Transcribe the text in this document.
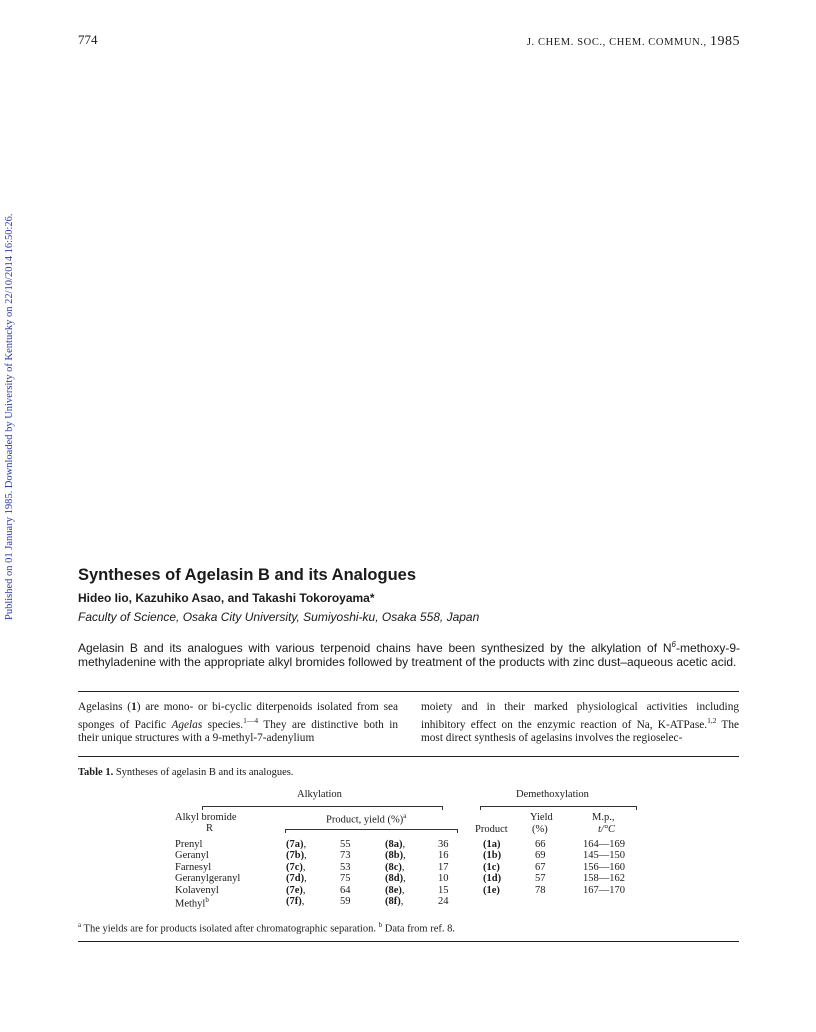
774	J. CHEM. SOC., CHEM. COMMUN., 1985
Published on 01 January 1985. Downloaded by University of Kentucky on 22/10/2014 16:50:26.	Syntheses of Agelasin B and its Analogues
Hideo Iio, Kazuhiko Asao, and Takashi Tokoroyama*
Faculty of Science, Osaka City University, Sumiyoshi-ku, Osaka 558, Japan
Agelasin B and its analogues with various terpenoid chains have been synthesized by the alkylation of $N^6-methoxy-9$-methyladenine with the appropriate alkyl bromides followed by treatment of the products with zinc dust–aqueous acetic acid.
Agelasins (1) are mono- or bi-cyclic diterpenoids isolated from sea sponges of Pacific Agelas species.$^{1—4}$ They are distinctive both in their unique structures with a 9-methyl-7-adenylium
moiety and in their marked physiological activities including inhibitory effect on the enzymic reaction of Na, K-ATPase.$^{1,2}$ The most direct synthesis of agelasins involves the regioselec-
Table 1. Syntheses of agelasin B and its analogues.
Alkylation	Demethoxylation
Alkyl bromide
R
Product, yield (%)$^a$
Product
Yield
(%)
M.p.,
t/°C
Prenyl	(7a),	55	(8a),	36	(1a)	66	164—169
Geranyl	(7b),	73	(8b),	16	(1b)	69	145—150
Farnesyl	(7c),	53	(8c),	17	(1c)	67	156—160
Geranylgeranyl	(7d),	75	(8d),	10	(1d)	57	158—162
Kolavenyl	(7e),	64	(8e),	15	(1e)	78	167—170
Methyl$^b$	(7f),	59	(8f),	24
$^a$ The yields are for products isolated after chromatographic separation. $^b$ Data from ref. 8.
